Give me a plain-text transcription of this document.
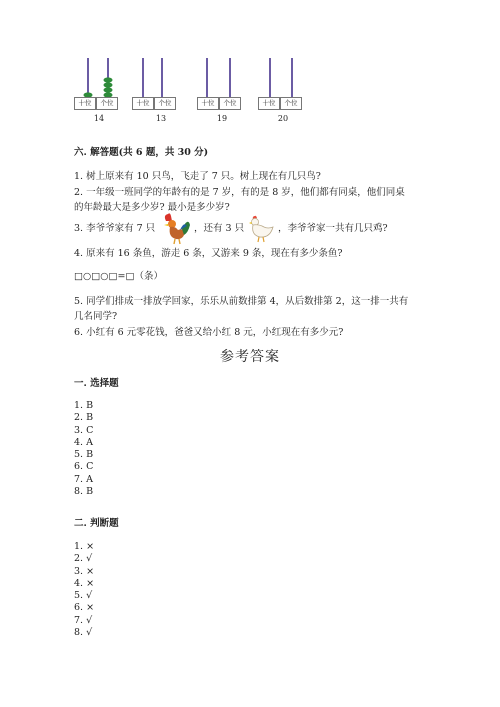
十位	个位
14
十位	个位
13
十位	个位
19
十位	个位
20
六. 解答题(共 6 题，共 30 分)
1. 树上原来有 10 只鸟，飞走了 7 只。树上现在有几只鸟?
2. 一年级一班同学的年龄有的是 7 岁，有的是 8 岁，他们都有同桌，他们同桌
的年龄最大是多少岁? 最小是多少岁?
3. 李爷爷家有 7 只	，还有 3 只	，李爷爷家一共有几只鸡?
4. 原来有 16 条鱼，游走 6 条，又游来 9 条，现在有多少条鱼?
□○□○□=□（条）
5. 同学们排成一排放学回家，乐乐从前数排第 4，从后数排第 2，这一排一共有
几名同学?
6. 小红有 6 元零花钱，爸爸又给小红 8 元，小红现在有多少元?
参考答案
一. 选择题
1. B
2. B
3. C
4. A
5. B
6. C
7. A
8. B
二. 判断题
1. ×
2. √
3. ×
4. ×
5. √
6. ×
7. √
8. √
